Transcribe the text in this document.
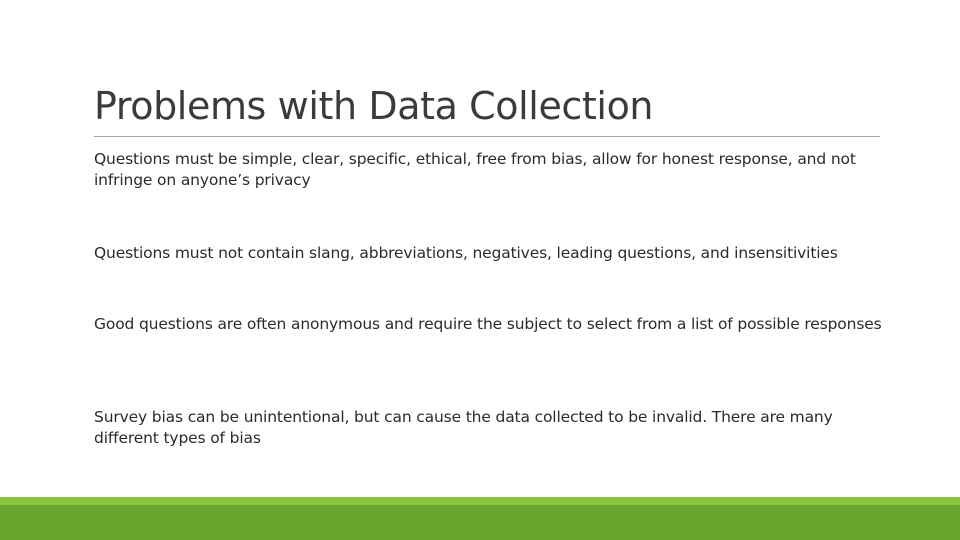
Problems with Data Collection

Questions must be simple, clear, specific, ethical, free from bias, allow for honest response, and not infringe on anyone’s privacy

Questions must not contain slang, abbreviations, negatives, leading questions, and insensitivities

Good questions are often anonymous and require the subject to select from a list of possible responses

Survey bias can be unintentional, but can cause the data collected to be invalid. There are many different types of bias
